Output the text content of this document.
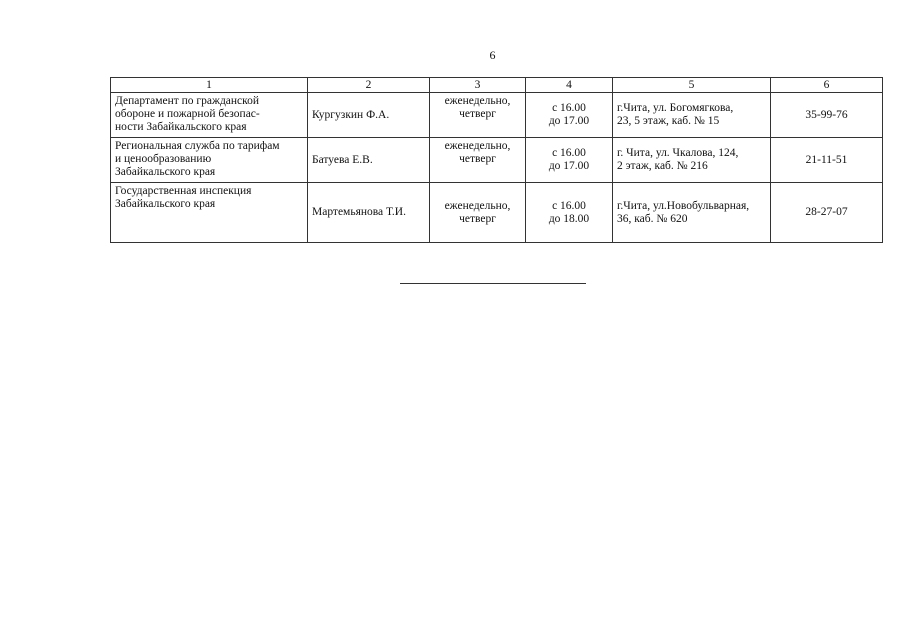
6
1	2	3	4	5	6

Департамент по гражданской
обороне и пожарной безопас-
ности Забайкальского края	Кургузкин Ф.А.	еженедельно,
четверг	с 16.00
до 17.00	г.Чита, ул. Богомягкова,
23, 5 этаж, каб. № 15	35-99-76

Региональная служба по тарифам
и ценообразованию
Забайкальского края	Батуева Е.В.	еженедельно,
четверг	с 16.00
до 17.00	г. Чита, ул. Чкалова, 124,
2 этаж, каб. № 216	21-11-51

Государственная инспекция
Забайкальского края	Мартемьянова Т.И.	еженедельно,
четверг	с 16.00
до 18.00	г.Чита, ул.Новобульварная,
36, каб. № 620	28-27-07
